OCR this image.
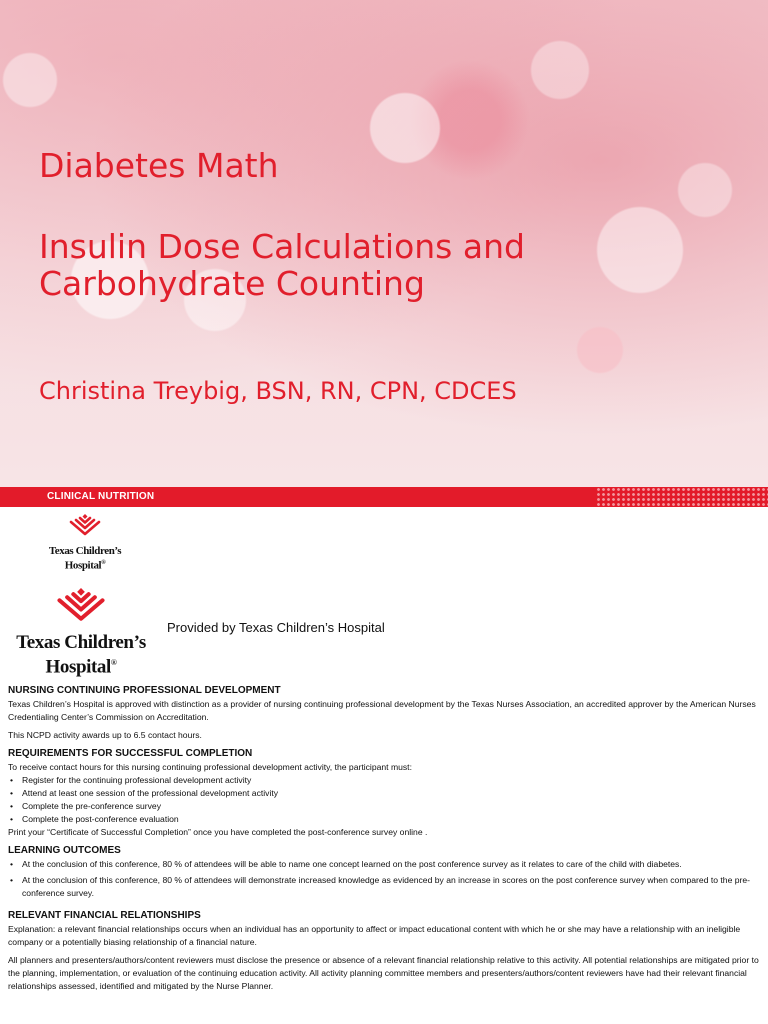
Diabetes Math
Insulin Dose Calculations and Carbohydrate Counting
Christina Treybig, BSN, RN, CPN, CDCES
CLINICAL NUTRITION
Texas Children’s
Hospital®
Texas Children’s
Hospital®
Provided by Texas Children’s Hospital
NURSING CONTINUING PROFESSIONAL DEVELOPMENT

Texas Children’s Hospital is approved with distinction as a provider of nursing continuing professional development by the Texas Nurses Association, an accredited approver by the American Nurses Credentialing Center’s Commission on Accreditation.

This NCPD activity awards up to 6.5 contact hours.

REQUIREMENTS FOR SUCCESSFUL COMPLETION

To receive contact hours for this nursing continuing professional development activity, the participant must:

• Register for the continuing professional development activity
• Attend at least one session of the professional development activity
• Complete the pre-conference survey
• Complete the post-conference evaluation

Print your “Certificate of Successful Completion” once you have completed the post-conference survey online .

LEARNING OUTCOMES
• At the conclusion of this conference, 80 % of attendees will be able to name one concept learned on the post conference survey as it relates to care of the child with diabetes.
• At the conclusion of this conference, 80 % of attendees will demonstrate increased knowledge as evidenced by an increase in scores on the post conference survey when compared to the pre-conference survey.
RELEVANT FINANCIAL RELATIONSHIPS

Explanation: a relevant financial relationships occurs when an individual has an opportunity to affect or impact educational content with which he or she may have a relationship with an ineligible company or a potentially biasing relationship of a financial nature.

All planners and presenters/authors/content reviewers must disclose the presence or absence of a relevant financial relationship relative to this activity. All potential relationships are mitigated prior to the planning, implementation, or evaluation of the continuing education activity. All activity planning committee members and presenters/authors/content reviewers have had their relevant financial relationships assessed, identified and mitigated by the Nurse Planner.
